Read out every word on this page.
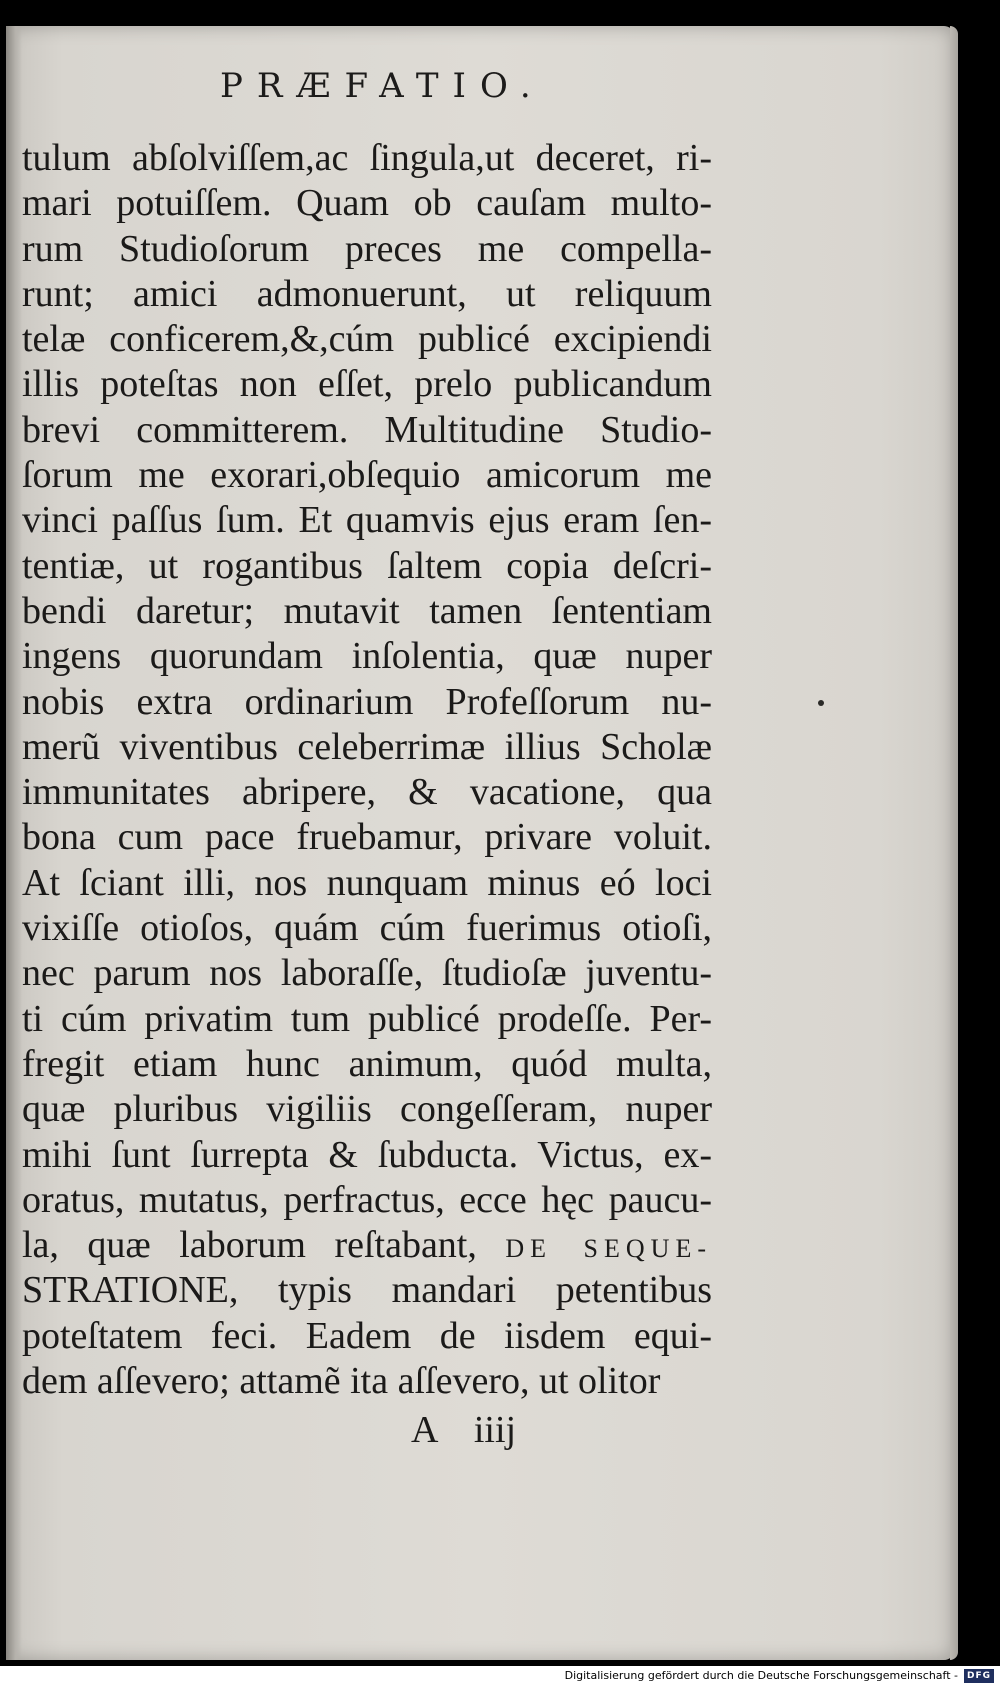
PRÆFATIO.
tulum abſolviſſem,ac ſingula,ut deceret, ri-
mari potuiſſem. Quam ob cauſam multo-
rum Studioſorum preces me compella-
runt; amici admonuerunt, ut reliquum
telæ conficerem,&,cúm publicé excipiendi
illis poteſtas non eſſet, prelo publicandum
brevi committerem. Multitudine Studio-
ſorum me exorari,obſequio amicorum me
vinci paſſus ſum. Et quamvis ejus eram ſen-
tentiæ, ut rogantibus ſaltem copia deſcri-
bendi daretur; mutavit tamen ſententiam
ingens quorundam inſolentia, quæ nuper
nobis extra ordinarium Profeſſorum nu-
merũ viventibus celeberrimæ illius Scholæ
immunitates abripere, & vacatione, qua
bona cum pace fruebamur, privare voluit.
At ſciant illi, nos nunquam minus eó loci
vixiſſe otioſos, quám cúm fuerimus otioſi,
nec parum nos laboraſſe, ſtudioſæ juventu-
ti cúm privatim tum publicé prodeſſe. Per-
fregit etiam hunc animum, quód multa,
quæ pluribus vigiliis congeſſeram, nuper
mihi ſunt ſurrepta & ſubducta. Victus, ex-
oratus, mutatus, perfractus, ecce hęc paucu-
la, quæ laborum reſtabant, DE SEQUE-
STRATIONE, typis mandari petentibus
poteſtatem feci. Eadem de iisdem equi-
dem aſſevero; attamẽ ita aſſevero, ut olitor
A iiij
Digitalisierung gefördert durch die Deutsche Forschungsgemeinschaft - DFG
